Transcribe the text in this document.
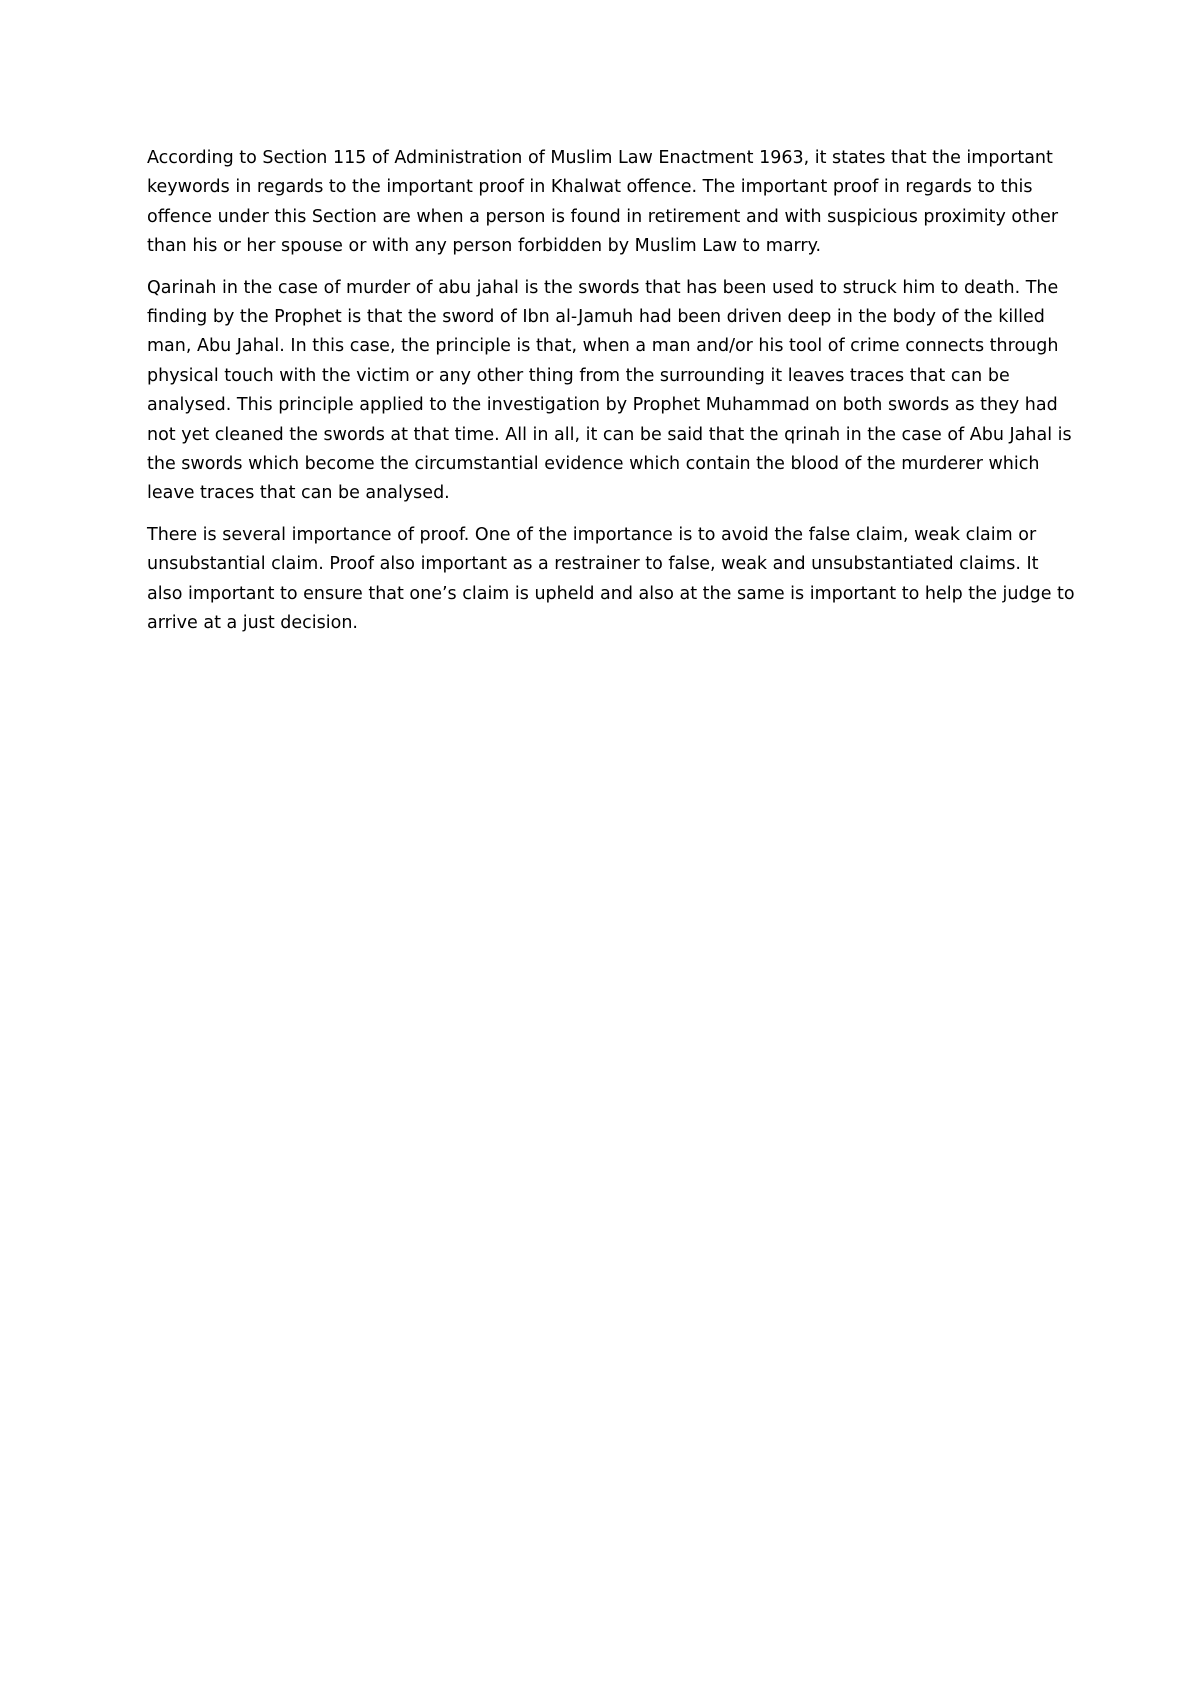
According to Section 115 of Administration of Muslim Law Enactment 1963, it states that the important keywords in regards to the important proof in Khalwat offence. The important proof in regards to this offence under this Section are when a person is found in retirement and with suspicious proximity other than his or her spouse or with any person forbidden by Muslim Law to marry.

Qarinah in the case of murder of abu jahal is the swords that has been used to struck him to death. The finding by the Prophet is that the sword of Ibn al-Jamuh had been driven deep in the body of the killed man, Abu Jahal. In this case, the principle is that, when a man and/or his tool of crime connects through physical touch with the victim or any other thing from the surrounding it leaves traces that can be analysed. This principle applied to the investigation by Prophet Muhammad on both swords as they had not yet cleaned the swords at that time. All in all, it can be said that the qrinah in the case of Abu Jahal is the swords which become the circumstantial evidence which contain the blood of the murderer which leave traces that can be analysed.

There is several importance of proof. One of the importance is to avoid the false claim, weak claim or unsubstantial claim. Proof also important as a restrainer to false, weak and unsubstantiated claims. It also important to ensure that one’s claim is upheld and also at the same is important to help the judge to arrive at a just decision.
